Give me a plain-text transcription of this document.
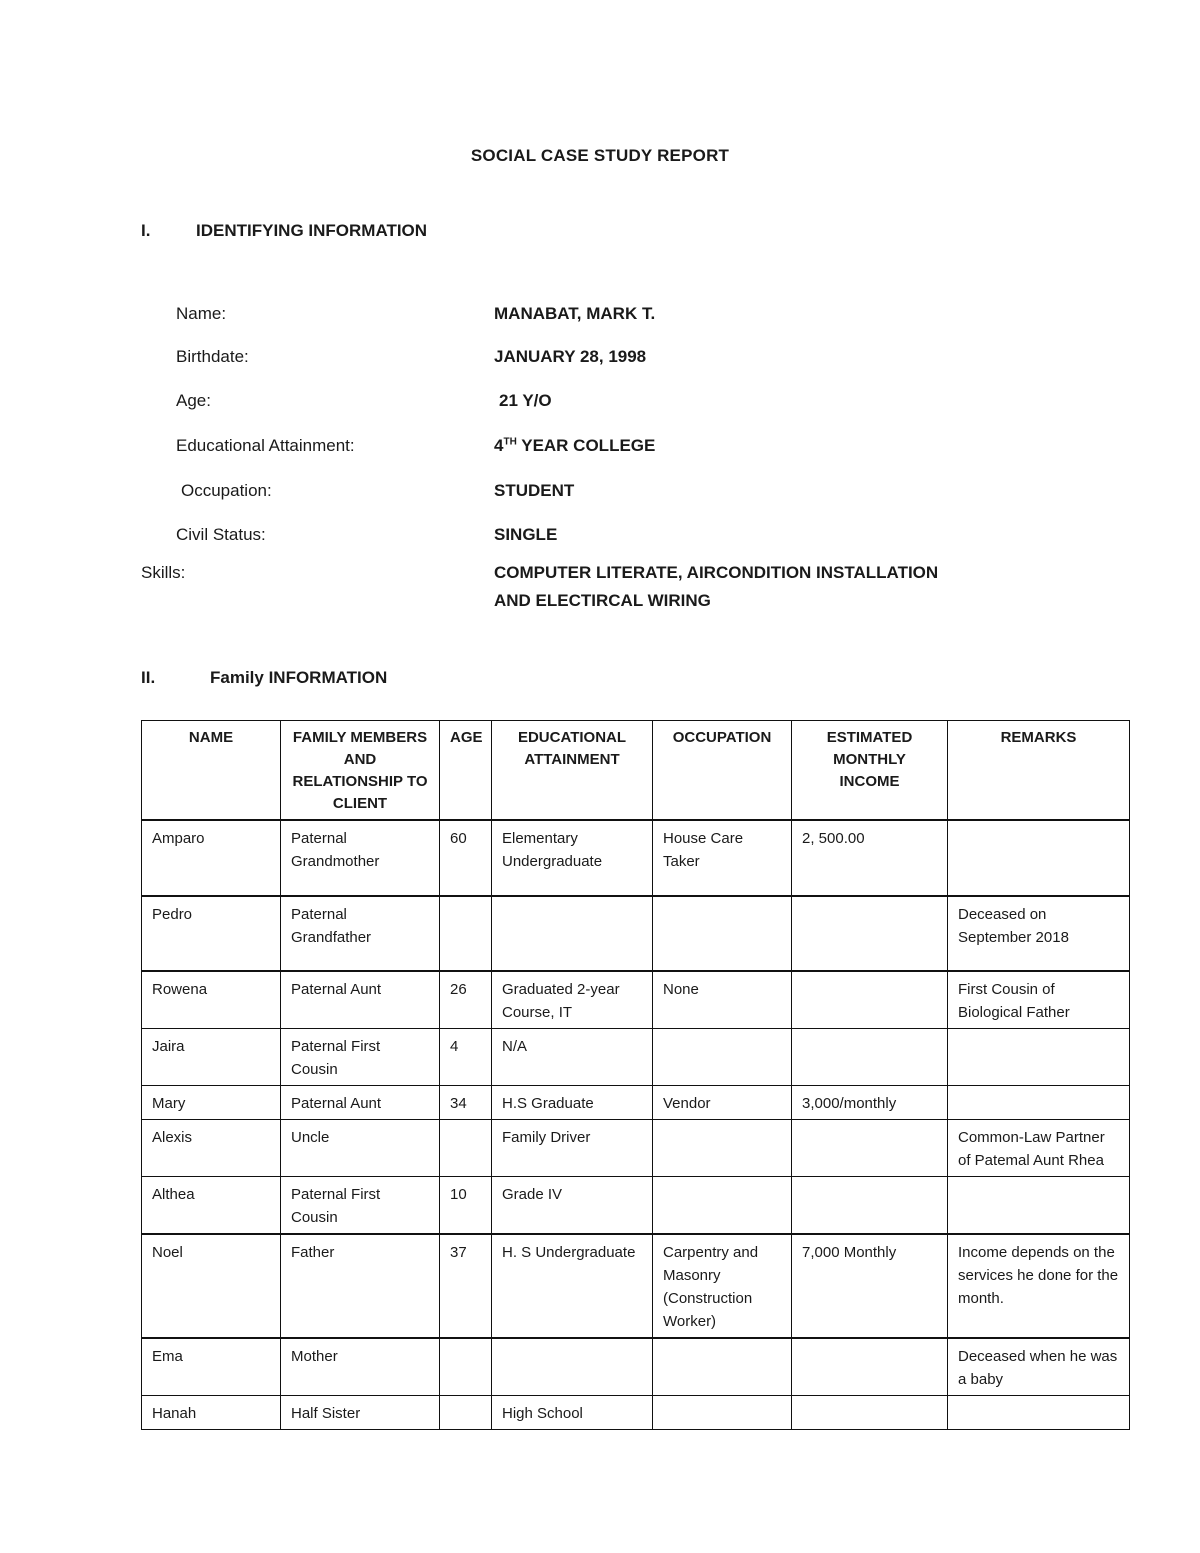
SOCIAL CASE STUDY REPORT
I.	IDENTIFYING INFORMATION
Name:	MANABAT, MARK T.
Birthdate:	JANUARY 28, 1998
Age:	21 Y/O
Educational Attainment:	4TH YEAR COLLEGE
Occupation:	STUDENT
Civil Status:	SINGLE
Skills:	COMPUTER LITERATE, AIRCONDITION INSTALLATION
AND ELECTIRCAL WIRING
II.	Family INFORMATION
NAME	FAMILY MEMBERS AND RELATIONSHIP TO CLIENT	AGE	EDUCATIONAL ATTAINMENT	OCCUPATION	ESTIMATED MONTHLY INCOME	REMARKS
Amparo	Paternal Grandmother	60	Elementary Undergraduate	House Care Taker	2, 500.00	
Pedro	Paternal Grandfather					Deceased on September 2018
Rowena	Paternal Aunt	26	Graduated 2-year Course, IT	None		First Cousin of Biological Father
Jaira	Paternal First Cousin	4	N/A			
Mary	Paternal Aunt	34	H.S Graduate	Vendor	3,000/monthly	
Alexis	Uncle		Family Driver			Common-Law Partner of Patemal Aunt Rhea
Althea	Paternal First Cousin	10	Grade IV			
Noel	Father	37	H. S Undergraduate	Carpentry and Masonry (Construction Worker)	7,000 Monthly	Income depends on the services he done for the month.
Ema	Mother					Deceased when he was a baby
Hanah	Half Sister		High School			
